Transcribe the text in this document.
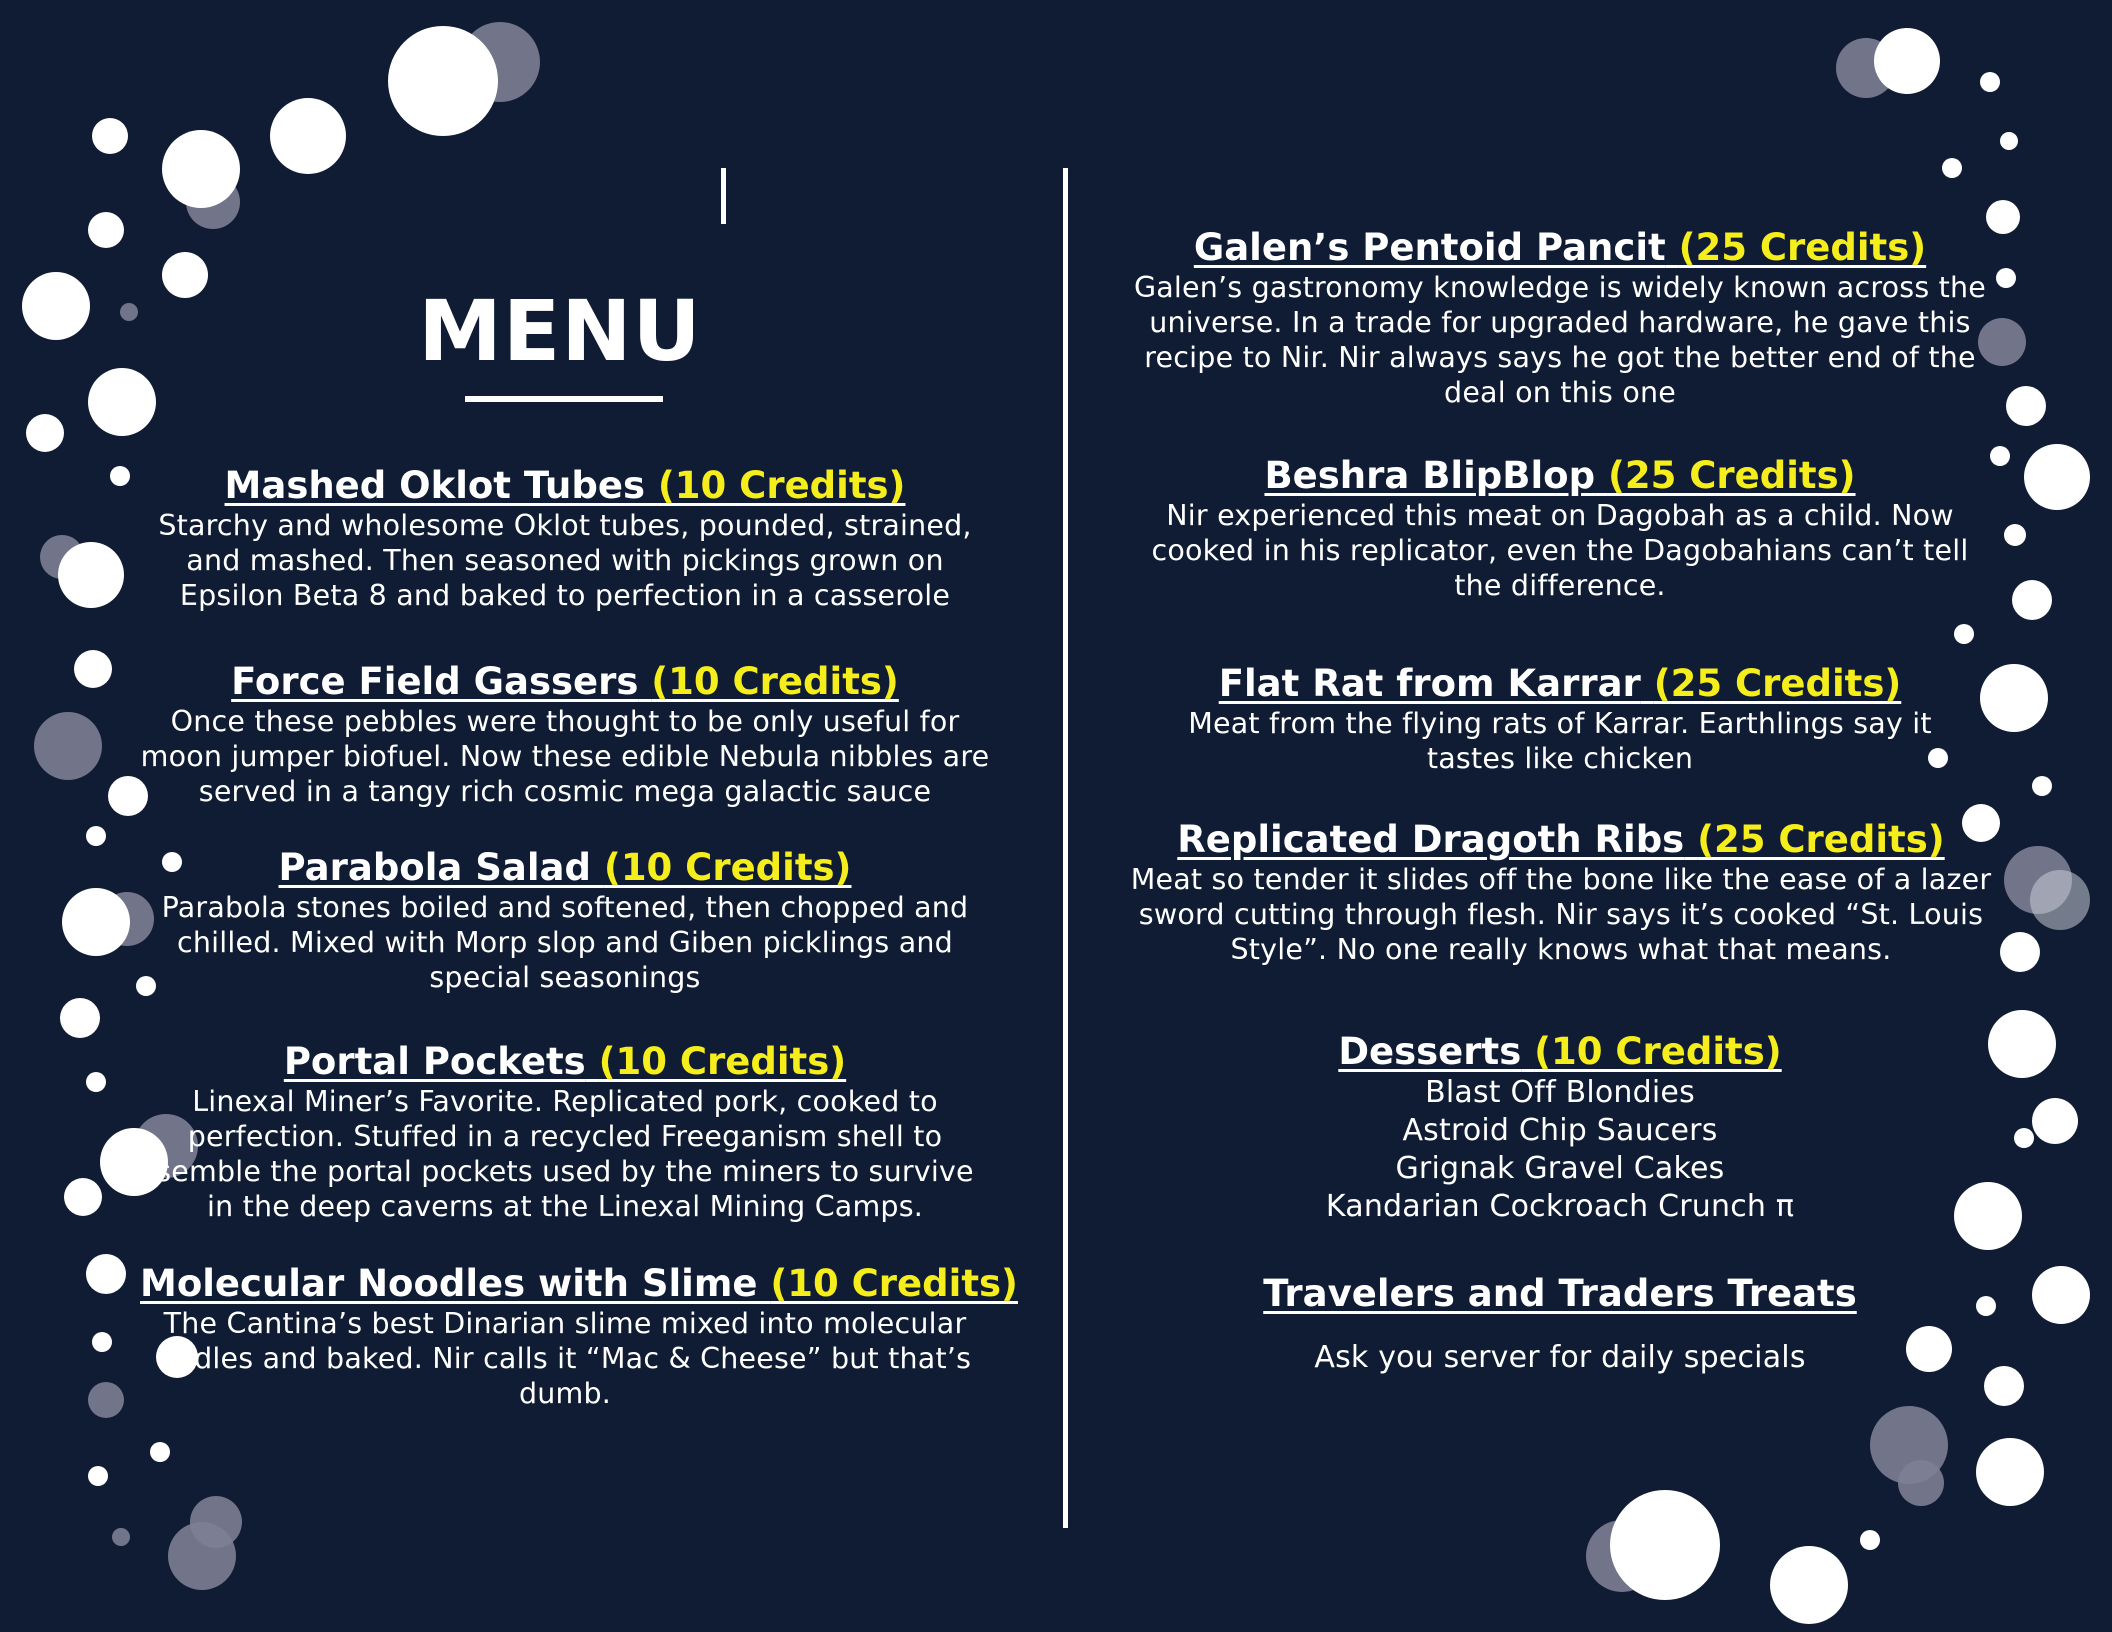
MENU
Mashed Oklot Tubes (10 Credits)
Starchy and wholesome Oklot tubes, pounded, strained, and mashed. Then seasoned with pickings grown on Epsilon Beta 8 and baked to perfection in a casserole
Force Field Gassers (10 Credits)
Once these pebbles were thought to be only useful for moon jumper biofuel. Now these edible Nebula nibbles are served in a tangy rich cosmic mega galactic sauce
Parabola Salad (10 Credits)
Parabola stones boiled and softened, then chopped and chilled. Mixed with Morp slop and Giben picklings and special seasonings
Portal Pockets (10 Credits)
Linexal Miner’s Favorite. Replicated pork, cooked to perfection. Stuffed in a recycled Freeganism shell to semble the portal pockets used by the miners to survive in the deep caverns at the Linexal Mining Camps.
Molecular Noodles with Slime (10 Credits)
The Cantina’s best Dinarian slime mixed into molecular oodles and baked. Nir calls it “Mac & Cheese” but that’s dumb.
Galen’s Pentoid Pancit (25 Credits)
Galen’s gastronomy knowledge is widely known across the universe. In a trade for upgraded hardware, he gave this recipe to Nir. Nir always says he got the better end of the deal on this one
Beshra BlipBlop (25 Credits)
Nir experienced this meat on Dagobah as a child. Now cooked in his replicator, even the Dagobahians can’t tell the difference.
Flat Rat from Karrar (25 Credits)
Meat from the flying rats of Karrar. Earthlings say it tastes like chicken
Replicated Dragoth Ribs (25 Credits)
Meat so tender it slides off the bone like the ease of a lazer sword cutting through flesh. Nir says it’s cooked “St. Louis Style”. No one really knows what that means.
Desserts (10 Credits)
Blast Off Blondies
Astroid Chip Saucers
Grignak Gravel Cakes
Kandarian Cockroach Crunch π
Travelers and Traders Treats
Ask you server for daily specials
